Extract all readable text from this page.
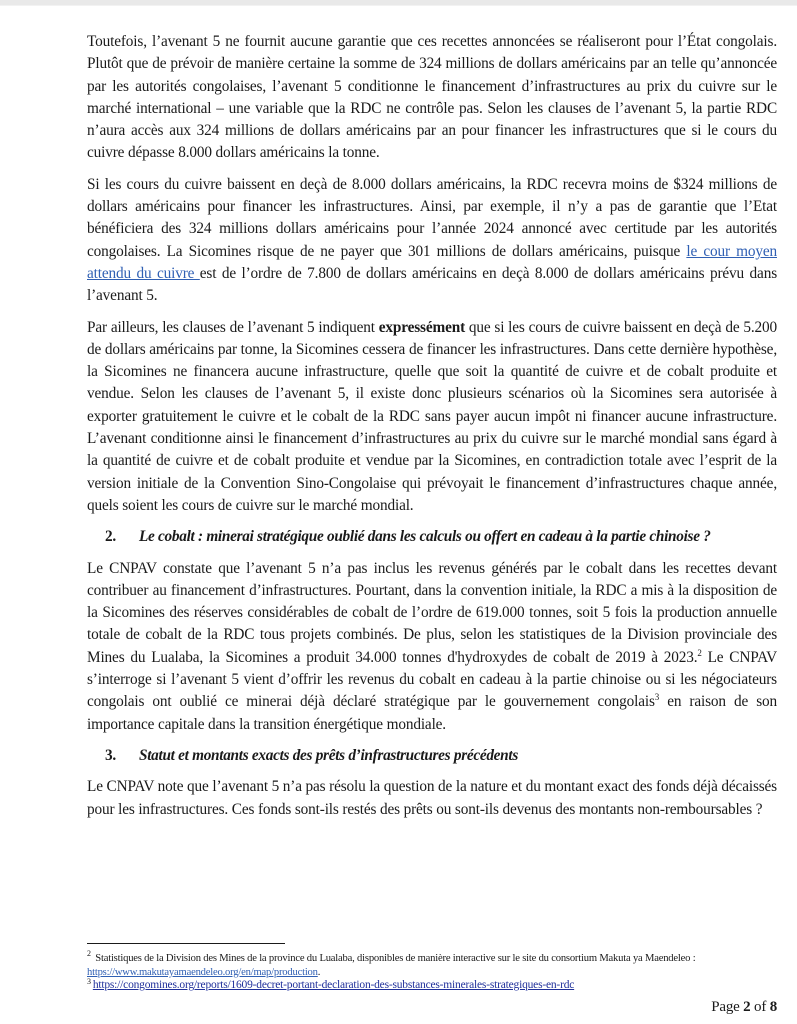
Toutefois, l’avenant 5 ne fournit aucune garantie que ces recettes annoncées se réaliseront pour l’État congolais. Plutôt que de prévoir de manière certaine la somme de 324 millions de dollars américains par an telle qu’annoncée par les autorités congolaises, l’avenant 5 conditionne le financement d’infrastructures au prix du cuivre sur le marché international – une variable que la RDC ne contrôle pas. Selon les clauses de l’avenant 5, la partie RDC n’aura accès aux 324 millions de dollars américains par an pour financer les infrastructures que si le cours du cuivre dépasse 8.000 dollars américains la tonne.

Si les cours du cuivre baissent en deçà de 8.000 dollars américains, la RDC recevra moins de $324 millions de dollars américains pour financer les infrastructures. Ainsi, par exemple, il n’y a pas de garantie que l’Etat bénéficiera des 324 millions dollars américains pour l’année 2024 annoncé avec certitude par les autorités congolaises. La Sicomines risque de ne payer que 301 millions de dollars américains, puisque le cour moyen attendu du cuivre est de l’ordre de 7.800 de dollars américains en deçà 8.000 de dollars américains prévu dans l’avenant 5.

Par ailleurs, les clauses de l’avenant 5 indiquent expressément que si les cours de cuivre baissent en deçà de 5.200 de dollars américains par tonne, la Sicomines cessera de financer les infrastructures. Dans cette dernière hypothèse, la Sicomines ne financera aucune infrastructure, quelle que soit la quantité de cuivre et de cobalt produite et vendue. Selon les clauses de l’avenant 5, il existe donc plusieurs scénarios où la Sicomines sera autorisée à exporter gratuitement le cuivre et le cobalt de la RDC sans payer aucun impôt ni financer aucune infrastructure. L’avenant conditionne ainsi le financement d’infrastructures au prix du cuivre sur le marché mondial sans égard à la quantité de cuivre et de cobalt produite et vendue par la Sicomines, en contradiction totale avec l’esprit de la version initiale de la Convention Sino-Congolaise qui prévoyait le financement d’infrastructures chaque année, quels soient les cours de cuivre sur le marché mondial.

2.	Le cobalt : minerai stratégique oublié dans les calculs ou offert en cadeau à la partie chinoise ?

Le CNPAV constate que l’avenant 5 n’a pas inclus les revenus générés par le cobalt dans les recettes devant contribuer au financement d’infrastructures. Pourtant, dans la convention initiale, la RDC a mis à la disposition de la Sicomines des réserves considérables de cobalt de l’ordre de 619.000 tonnes, soit 5 fois la production annuelle totale de cobalt de la RDC tous projets combinés. De plus, selon les statistiques de la Division provinciale des Mines du Lualaba, la Sicomines a produit 34.000 tonnes d'hydroxydes de cobalt de 2019 à 2023.$^2$ Le CNPAV s’interroge si l’avenant 5 vient d’offrir les revenus du cobalt en cadeau à la partie chinoise ou si les négociateurs congolais ont oublié ce minerai déjà déclaré stratégique par le gouvernement congolais$^3$ en raison de son importance capitale dans la transition énergétique mondiale.

3.	Statut et montants exacts des prêts d’infrastructures précédents

Le CNPAV note que l’avenant 5 n’a pas résolu la question de la nature et du montant exact des fonds déjà décaissés pour les infrastructures. Ces fonds sont-ils restés des prêts ou sont-ils devenus des montants non-remboursables ?

$^2$ Statistiques de la Division des Mines de la province du Lualaba, disponibles de manière interactive sur le site du consortium Makuta ya Maendeleo : https://www.makutayamaendeleo.org/en/map/production.

$^3$ https://congomines.org/reports/1609-decret-portant-declaration-des-substances-minerales-strategiques-en-rdc

Page 2 of 8
